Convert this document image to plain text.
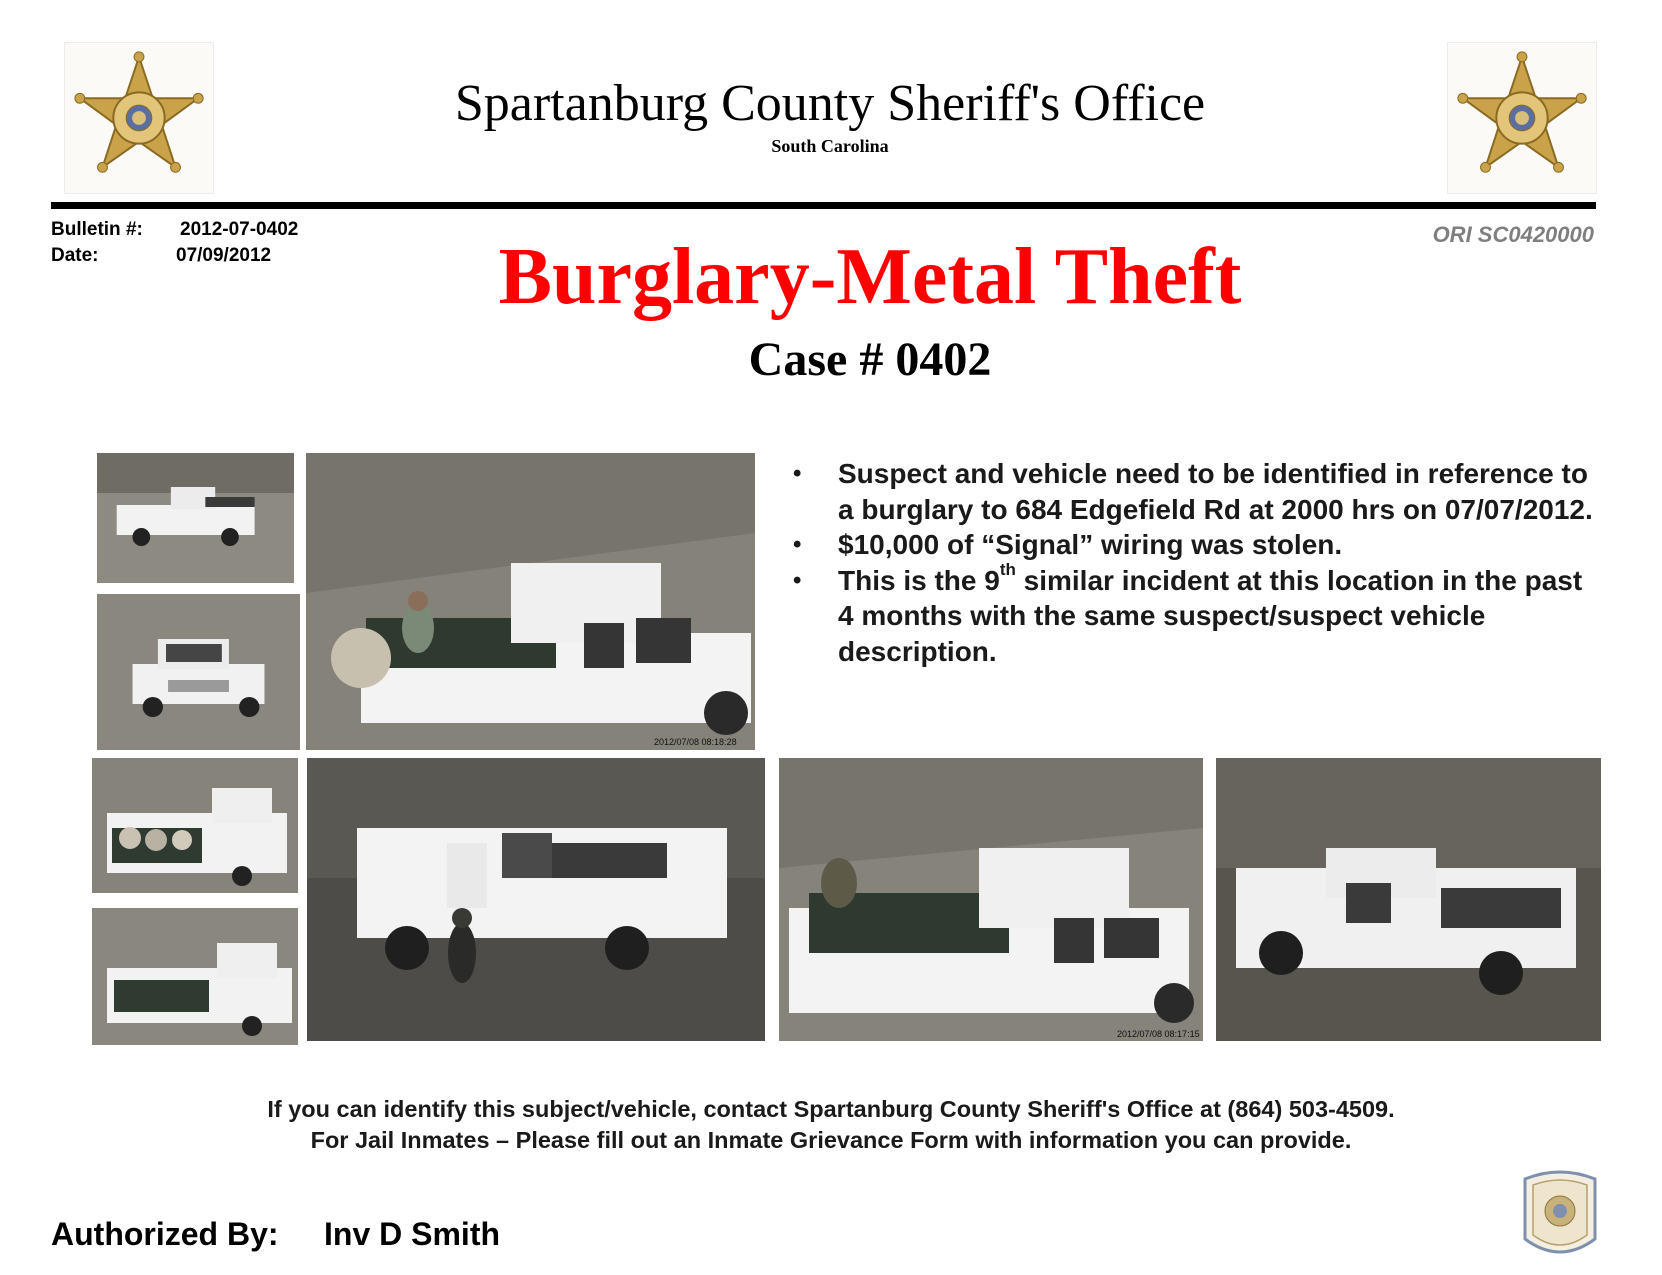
Spartanburg County Sheriff's Office
South Carolina
Bulletin #: 2012-07-0402
Date:	07/09/2012
ORI SC0420000
Burglary-Metal Theft
Case # 0402
2012/07/08 08:18:28
2012/07/08 08:17:15
• Suspect and vehicle need to be identified in reference to a burglary to 684 Edgefield Rd at 2000 hrs on 07/07/2012.
• $10,000 of “Signal” wiring was stolen.
• This is the 9th similar incident at this location in the past 4 months with the same suspect/suspect vehicle description.
If you can identify this subject/vehicle, contact Spartanburg County Sheriff's Office at (864) 503-4509.
For Jail Inmates – Please fill out an Inmate Grievance Form with information you can provide.
Authorized By: Inv D Smith
